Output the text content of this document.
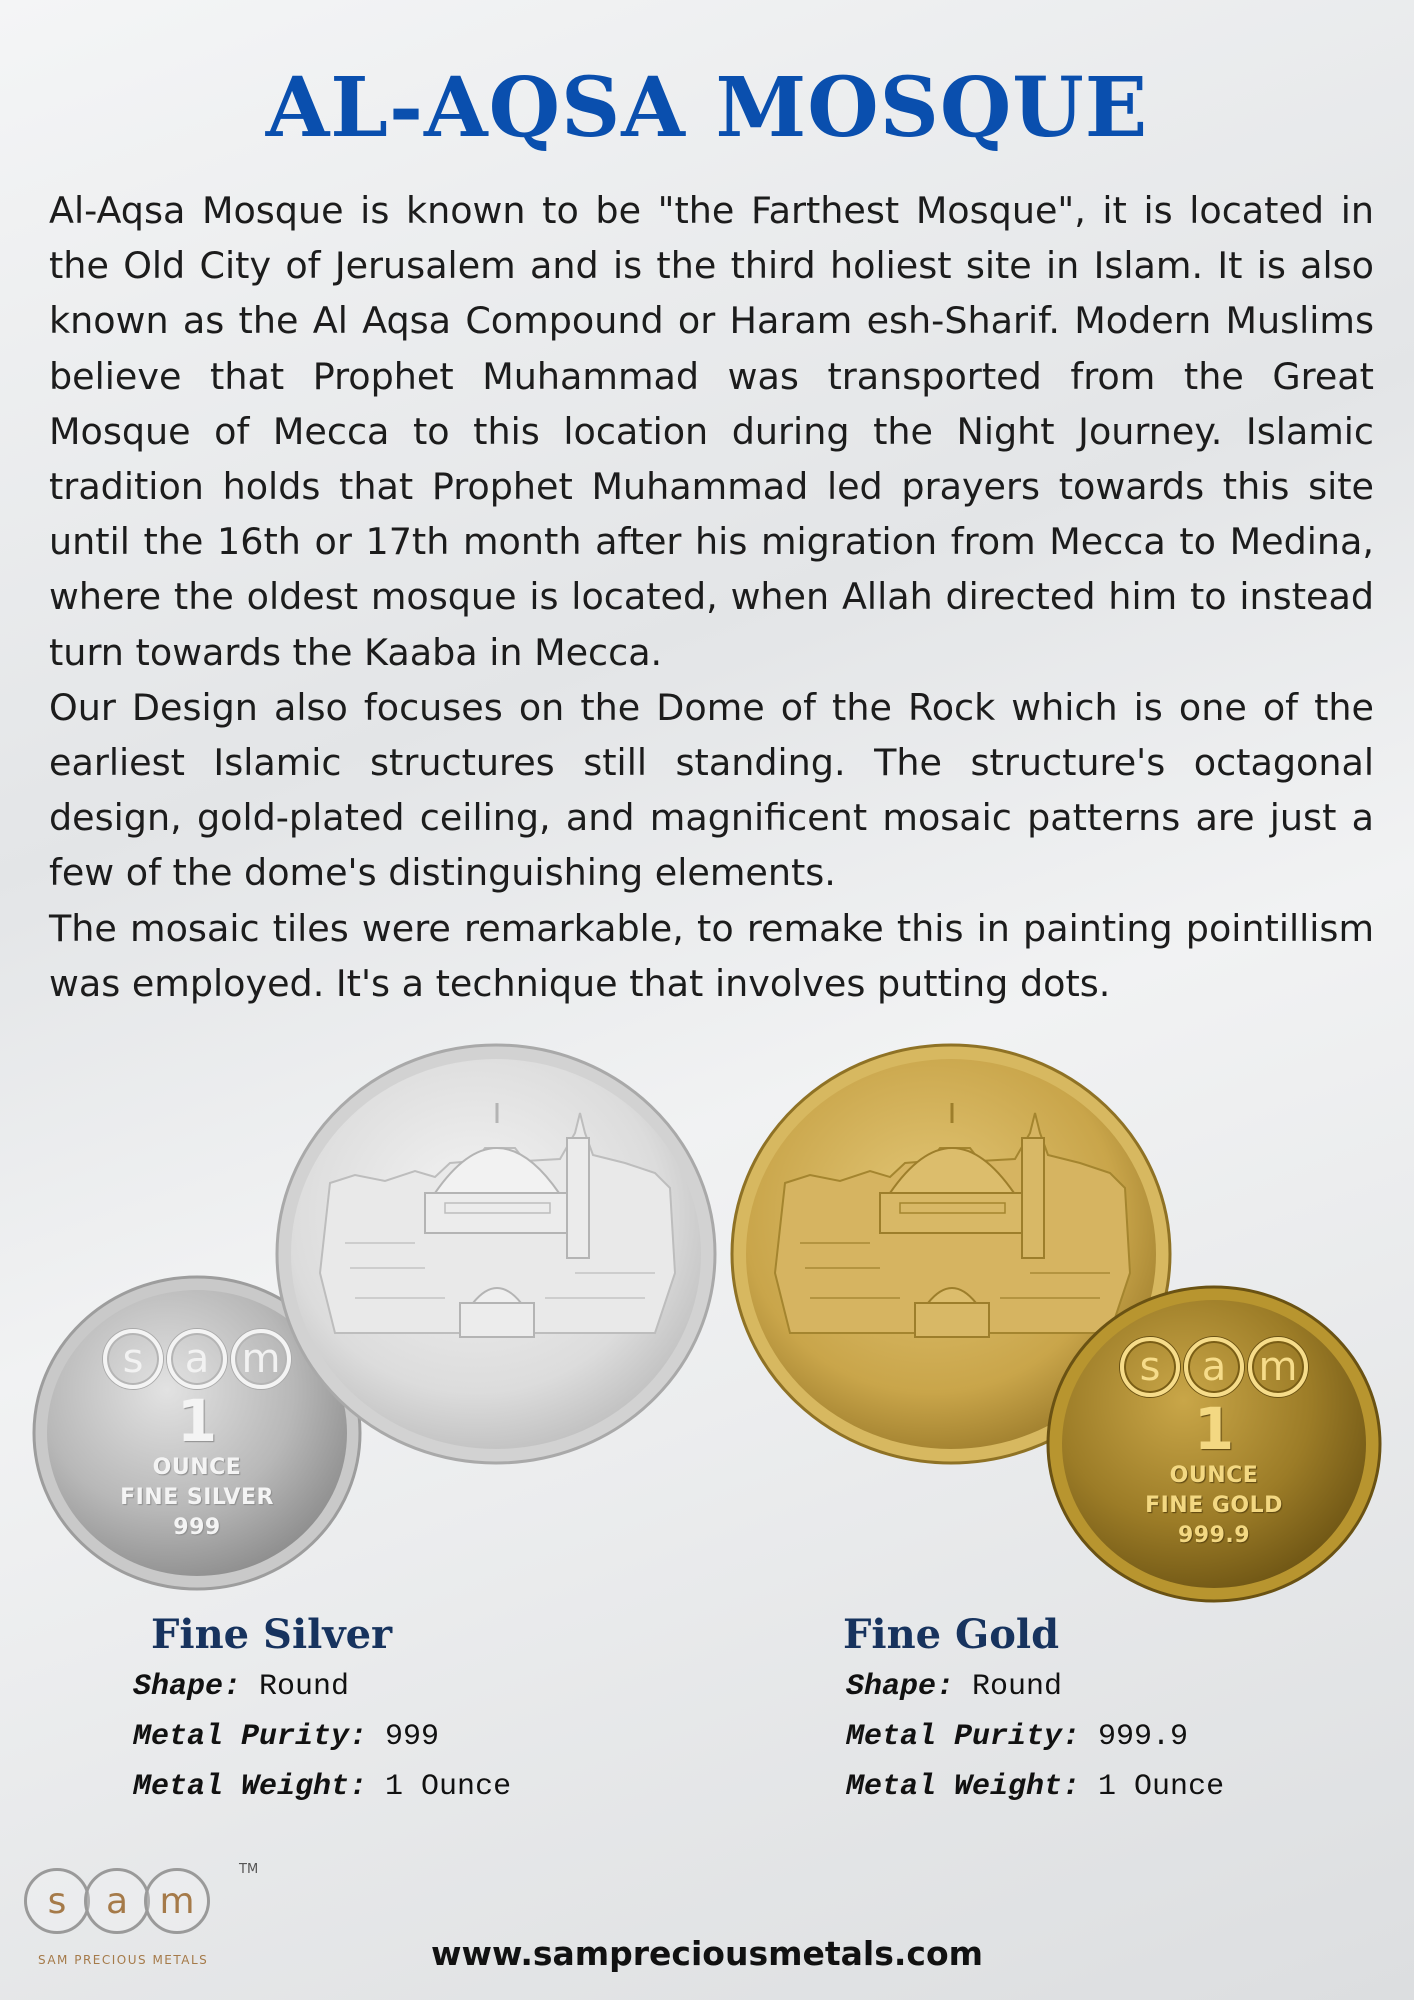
AL-AQSA MOSQUE

Al-Aqsa Mosque is known to be "the Farthest Mosque", it is located in the Old City of Jerusalem and is the third holiest site in Islam. It is also known as the Al Aqsa Compound or Haram esh-Sharif. Modern Muslims believe that Prophet Muhammad was transported from the Great Mosque of Mecca to this location during the Night Journey. Islamic tradition holds that Prophet Muhammad led prayers towards this site until the 16th or 17th month after his migration from Mecca to Medina, where the oldest mosque is located, when Allah directed him to instead turn towards the Kaaba in Mecca.

Our Design also focuses on the Dome of the Rock which is one of the earliest Islamic structures still standing. The structure's octagonal design, gold-plated ceiling, and magnificent mosaic patterns are just a few of the dome's distinguishing elements.

The mosaic tiles were remarkable, to remake this in painting pointillism was employed. It's a technique that involves putting dots.

s	a m
1
OUNCE
FINE SILVER
999
s	a m
1
OUNCE
FINE GOLD
999.9
Fine Silver
Shape: Round
Metal Purity: 999
Metal Weight: 1 Ounce
Fine Gold
Shape: Round
Metal Purity: 999.9
Metal Weight: 1 Ounce
s	a m
TM
SAM PRECIOUS METALS	www.sampreciousmetals.com
